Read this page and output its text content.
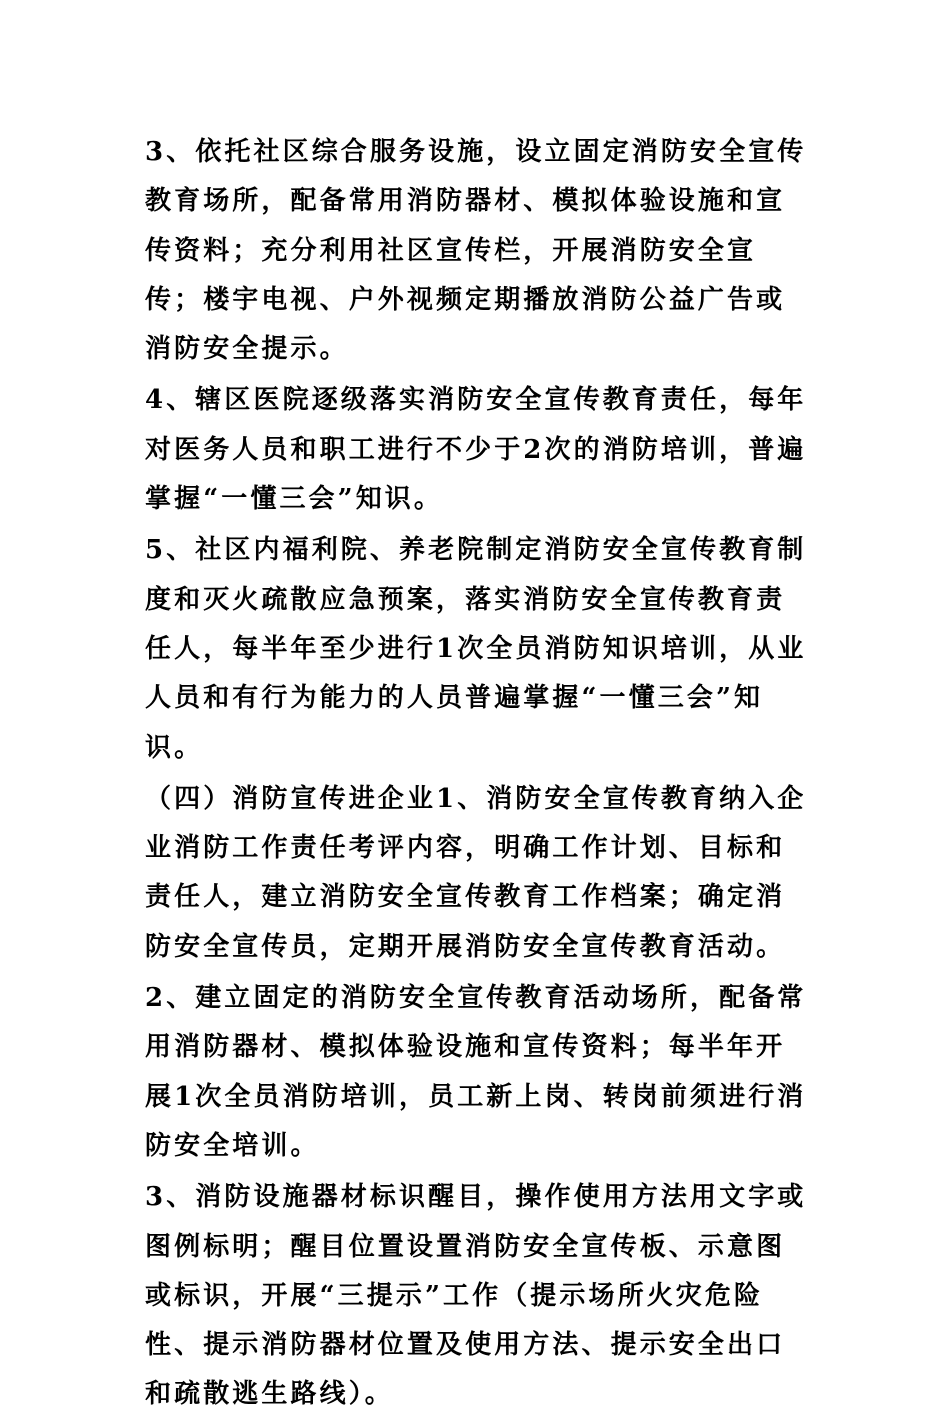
3、依托社区综合服务设施，设立固定消防安全宣传教育场所，配备常用消防器材、模拟体验设施和宣传资料；充分利用社区宣传栏，开展消防安全宣传；楼宇电视、户外视频定期播放消防公益广告或消防安全提示。

4、辖区医院逐级落实消防安全宣传教育责任，每年对医务人员和职工进行不少于2次的消防培训，普遍掌握“一懂三会”知识。

5、社区内福利院、养老院制定消防安全宣传教育制度和灭火疏散应急预案，落实消防安全宣传教育责任人，每半年至少进行1次全员消防知识培训，从业人员和有行为能力的人员普遍掌握“一懂三会”知识。

（四）消防宣传进企业1、消防安全宣传教育纳入企业消防工作责任考评内容，明确工作计划、目标和责任人，建立消防安全宣传教育工作档案；确定消防安全宣传员，定期开展消防安全宣传教育活动。

2、建立固定的消防安全宣传教育活动场所，配备常用消防器材、模拟体验设施和宣传资料；每半年开展1次全员消防培训，员工新上岗、转岗前须进行消防安全培训。

3、消防设施器材标识醒目，操作使用方法用文字或图例标明；醒目位置设置消防安全宣传板、示意图或标识，开展“三提示”工作（提示场所火灾危险性、提示消防器材位置及使用方法、提示安全出口和疏散逃生路线）。
